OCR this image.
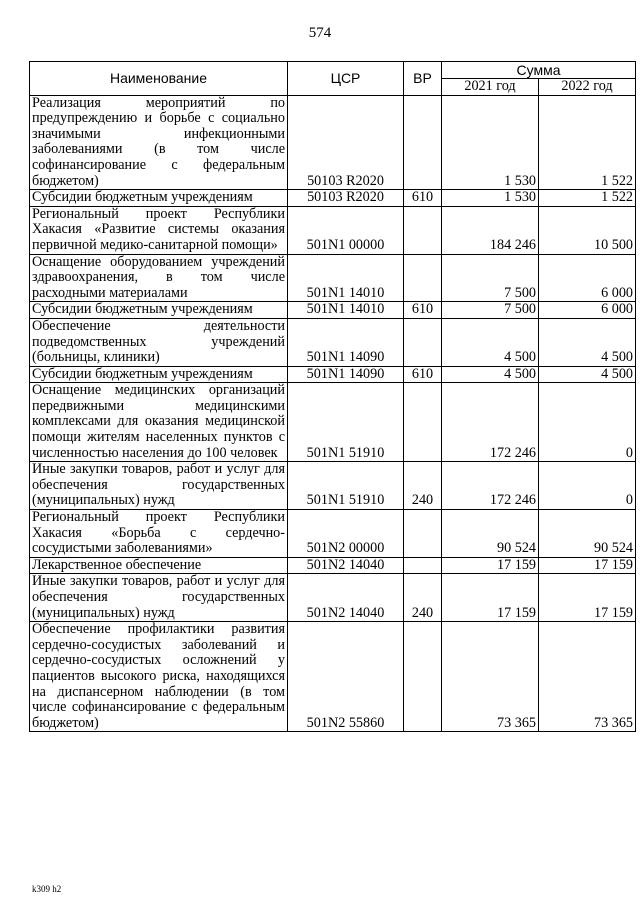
574
Наименование	ЦСР	ВР	Сумма	
			2021 год	2022 год
Реализация мероприятий по предупреждению и борьбе с социально значимыми инфекционными заболеваниями (в том числе софинансирование с федеральным бюджетом)	50103 R2020		1 530	1 522
Субсидии бюджетным учреждениям	50103 R2020	610	1 530	1 522
Региональный проект Республики Хакасия «Развитие системы оказания первичной медико-санитарной помощи»	501N1 00000		184 246	10 500
Оснащение оборудованием учреждений здравоохранения, в том числе расходными материалами	501N1 14010		7 500	6 000
Субсидии бюджетным учреждениям	501N1 14010	610	7 500	6 000
Обеспечение деятельности подведомственных учреждений (больницы, клиники)	501N1 14090		4 500	4 500
Субсидии бюджетным учреждениям	501N1 14090	610	4 500	4 500
Оснащение медицинских организаций передвижными медицинскими комплексами для оказания медицинской помощи жителям населенных пунктов с численностью населения до 100 человек	501N1 51910		172 246	0
Иные закупки товаров, работ и услуг для обеспечения государственных (муниципальных) нужд	501N1 51910	240	172 246	0
Региональный проект Республики Хакасия «Борьба с сердечно-сосудистыми заболеваниями»	501N2 00000		90 524	90 524
Лекарственное обеспечение	501N2 14040		17 159	17 159
Иные закупки товаров, работ и услуг для обеспечения государственных (муниципальных) нужд	501N2 14040	240	17 159	17 159
Обеспечение профилактики развития сердечно-сосудистых заболеваний и сердечно-сосудистых осложнений у пациентов высокого риска, находящихся на диспансерном наблюдении (в том числе софинансирование с федеральным бюджетом)	501N2 55860		73 365	73 365
k309 h2
